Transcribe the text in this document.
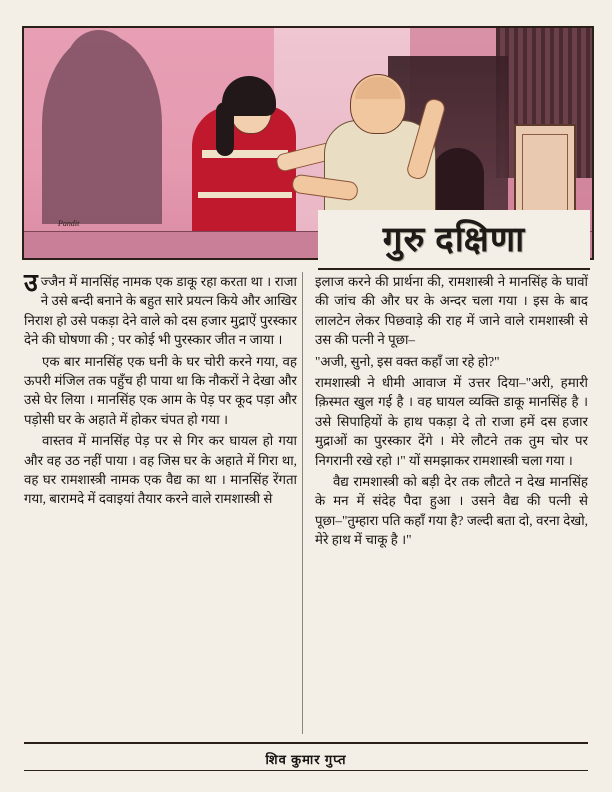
Pandit	गुरु दक्षिणा

उ ज्जैन में मानसिंह नामक एक डाकू रहा करता था । राजा ने उसे बन्दी बनाने के बहुत सारे प्रयत्न किये और आखिर निराश हो उसे पकड़ा देने वाले को दस हजार मुद्राऐं पुरस्कार देने की घोषणा की ; पर कोई भी पुरस्कार जीत न जाया ।

एक बार मानसिंह एक घनी के घर चोरी करने गया, वह ऊपरी मंजिल तक पहुँच ही पाया था कि नौकरों ने देखा और उसे घेर लिया । मानसिंह एक आम के पेड़ पर कूद पड़ा और पड़ोसी घर के अहाते में होकर चंपत हो गया ।

वास्तव में मानसिंह पेड़ पर से गिर कर घायल हो गया और वह उठ नहीं पाया । वह जिस घर के अहाते में गिरा था, वह घर रामशास्त्री नामक एक वैद्य का था । मानसिंह रेंगता गया, बारामदे में दवाइयां तैयार करने वाले रामशास्त्री से

इलाज करने की प्रार्थना की, रामशास्त्री ने मानसिंह के घावों की जांच की और घर के अन्दर चला गया । इस के बाद लालटेन लेकर पिछवाड़े की राह में जाने वाले रामशास्त्री से उस की पत्नी ने पूछा–

"अजी, सुनो, इस वक्त कहाँ जा रहे हो?"

रामशास्त्री ने धीमी आवाज में उत्तर दिया–"अरी, हमारी क़िस्मत खुल गई है । वह घायल व्यक्ति डाकू मानसिंह है । उसे सिपाहियों के हाथ पकड़ा दे तो राजा हमें दस हजार मुद्राओं का पुरस्कार देंगे । मेरे लौटने तक तुम चोर पर निगरानी रखे रहो ।" यों समझाकर रामशास्त्री चला गया ।

वैद्य रामशास्त्री को बड़ी देर तक लौटते न देख मानसिंह के मन में संदेह पैदा हुआ । उसने वैद्य की पत्नी से पूछा–"तुम्हारा पति कहाँ गया है? जल्दी बता दो, वरना देखो, मेरे हाथ में चाकू है ।"

शिव कुमार गुप्त
